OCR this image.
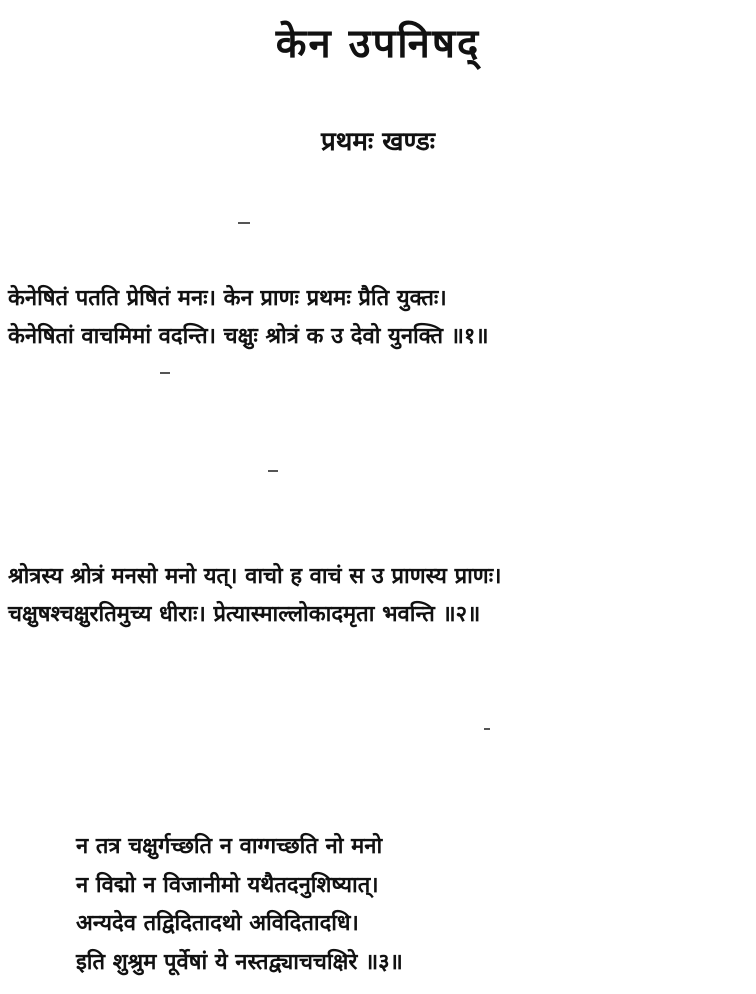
केन उपनिषद्
प्रथमः खण्डः
केनेषितं पतति प्रेषितं मनः। केन प्राणः प्रथमः प्रैति युक्तः।
केनेषितां वाचमिमां वदन्ति। चक्षुः श्रोत्रं क उ देवो युनक्ति ॥१॥
श्रोत्रस्य श्रोत्रं मनसो मनो यत्। वाचो ह वाचं स उ प्राणस्य प्राणः।
चक्षुषश्चक्षुरतिमुच्य धीराः। प्रेत्यास्माल्लोकादमृता भवन्ति ॥२॥
न तत्र चक्षुर्गच्छति न वाग्गच्छति नो मनो
न विद्मो न विजानीमो यथैतदनुशिष्यात्।
अन्यदेव तद्विदितादथो अविदितादधि।
इति शुश्रुम पूर्वेषां ये नस्तद्व्याचचक्षिरे ॥३॥
